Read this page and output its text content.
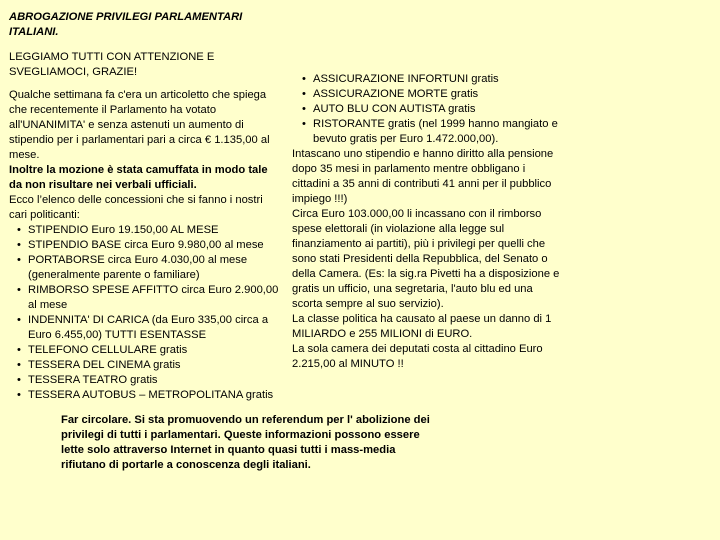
ABROGAZIONE PRIVILEGI PARLAMENTARI ITALIANI.

LEGGIAMO TUTTI CON ATTENZIONE E SVEGLIAMOCI, GRAZIE!

Qualche settimana fa c'era un articoletto che spiega che recentemente il Parlamento ha votato all'UNANIMITA' e senza astenuti un aumento di stipendio per i parlamentari pari a circa € 1.135,00 al mese.

Inoltre la mozione è stata camuffata in modo tale da non risultare nei verbali ufficiali.

Ecco l’elenco delle concessioni che si fanno i nostri cari politicanti:

• STIPENDIO Euro 19.150,00 AL MESE
• STIPENDIO BASE circa Euro 9.980,00 al mese
• PORTABORSE circa Euro 4.030,00 al mese (generalmente parente o familiare)
• RIMBORSO SPESE AFFITTO circa Euro 2.900,00 al mese
• INDENNITA' DI CARICA (da Euro 335,00 circa a Euro 6.455,00) TUTTI ESENTASSE
• TELEFONO CELLULARE gratis
• TESSERA DEL CINEMA gratis
• TESSERA TEATRO gratis
• TESSERA AUTOBUS – METROPOLITANA gratis
• ASSICURAZIONE INFORTUNI gratis
• ASSICURAZIONE MORTE gratis
• AUTO BLU CON AUTISTA gratis
• RISTORANTE gratis (nel 1999 hanno mangiato e bevuto gratis per Euro 1.472.000,00).

Intascano uno stipendio e hanno diritto alla pensione dopo 35 mesi in parlamento mentre obbligano i cittadini a 35 anni di contributi 41 anni per il pubblico impiego !!!)

Circa Euro 103.000,00 li incassano con il rimborso spese elettorali (in violazione alla legge sul finanziamento ai partiti), più i privilegi per quelli che sono stati Presidenti della Repubblica, del Senato o della Camera. (Es: la sig.ra Pivetti ha a disposizione e gratis un ufficio, una segretaria, l'auto blu ed una scorta sempre al suo servizio).

La classe politica ha causato al paese un danno di 1 MILIARDO e 255 MILIONI di EURO.

La sola camera dei deputati costa al cittadino Euro 2.215,00 al MINUTO !!

Far circolare. Si sta promuovendo un referendum per l' abolizione dei privilegi di tutti i parlamentari. Queste informazioni possono essere lette solo attraverso Internet in quanto quasi tutti i mass-media rifiutano di portarle a conoscenza degli italiani.
